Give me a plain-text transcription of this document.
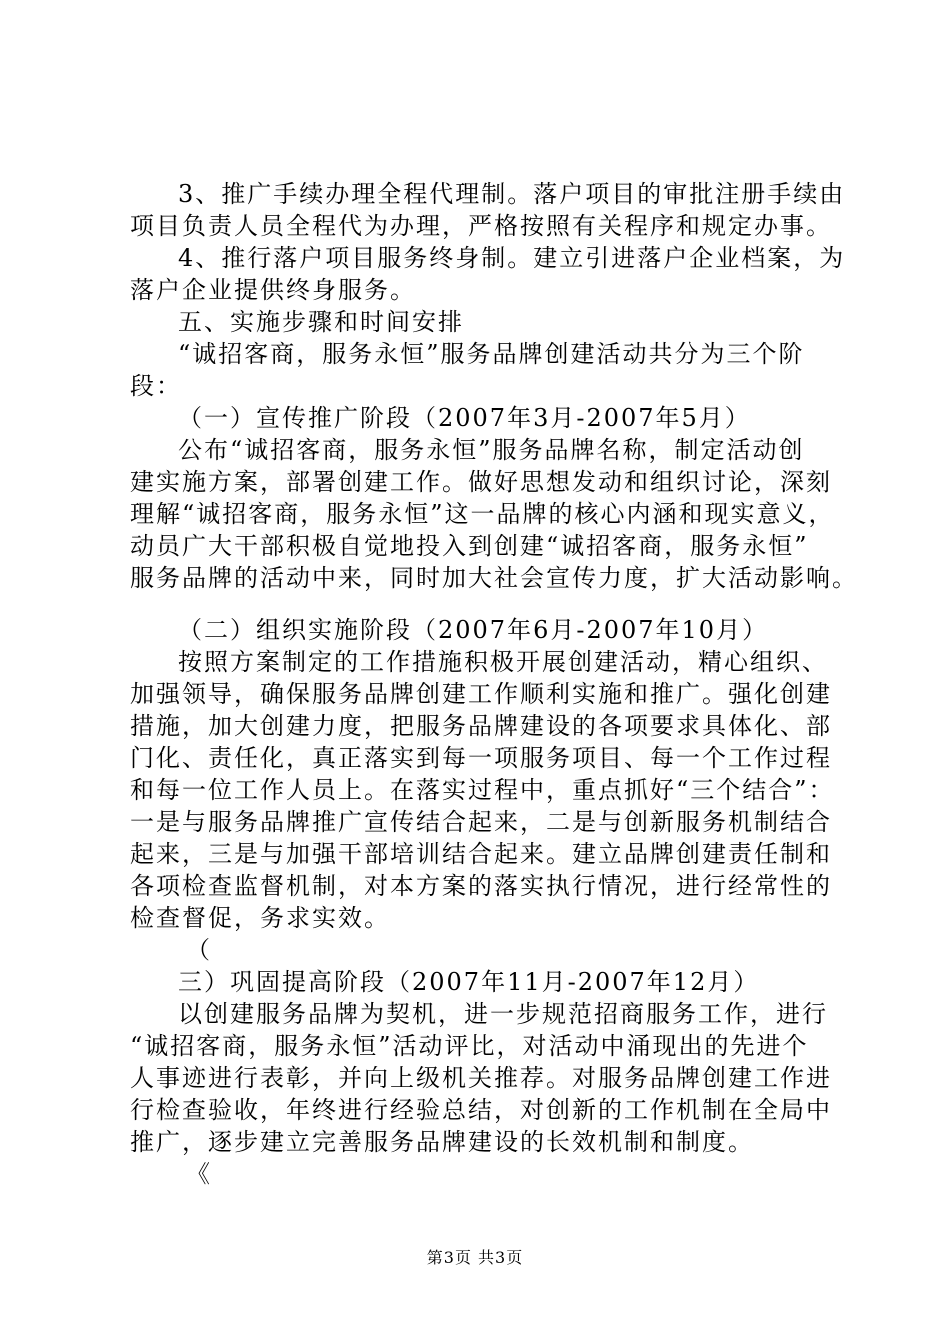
3、推广手续办理全程代理制。落户项目的审批注册手续由
项目负责人员全程代为办理，严格按照有关程序和规定办事。
4、推行落户项目服务终身制。建立引进落户企业档案，为
落户企业提供终身服务。
五、实施步骤和时间安排
“诚招客商，服务永恒”服务品牌创建活动共分为三个阶
段：
（一）宣传推广阶段（2007年3月-2007年5月）
公布“诚招客商，服务永恒”服务品牌名称，制定活动创
建实施方案，部署创建工作。做好思想发动和组织讨论，深刻
理解“诚招客商，服务永恒”这一品牌的核心内涵和现实意义，
动员广大干部积极自觉地投入到创建“诚招客商，服务永恒”
服务品牌的活动中来，同时加大社会宣传力度，扩大活动影响。
（二）组织实施阶段（2007年6月-2007年10月）
按照方案制定的工作措施积极开展创建活动，精心组织、
加强领导，确保服务品牌创建工作顺利实施和推广。强化创建
措施，加大创建力度，把服务品牌建设的各项要求具体化、部
门化、责任化，真正落实到每一项服务项目、每一个工作过程
和每一位工作人员上。在落实过程中，重点抓好“三个结合”：
一是与服务品牌推广宣传结合起来，二是与创新服务机制结合
起来，三是与加强干部培训结合起来。建立品牌创建责任制和
各项检查监督机制，对本方案的落实执行情况，进行经常性的
检查督促，务求实效。
（
三）巩固提高阶段（2007年11月-2007年12月）
以创建服务品牌为契机，进一步规范招商服务工作，进行
“诚招客商，服务永恒”活动评比，对活动中涌现出的先进个
人事迹进行表彰，并向上级机关推荐。对服务品牌创建工作进
行检查验收，年终进行经验总结，对创新的工作机制在全局中
推广，逐步建立完善服务品牌建设的长效机制和制度。
《
第3页 共3页
